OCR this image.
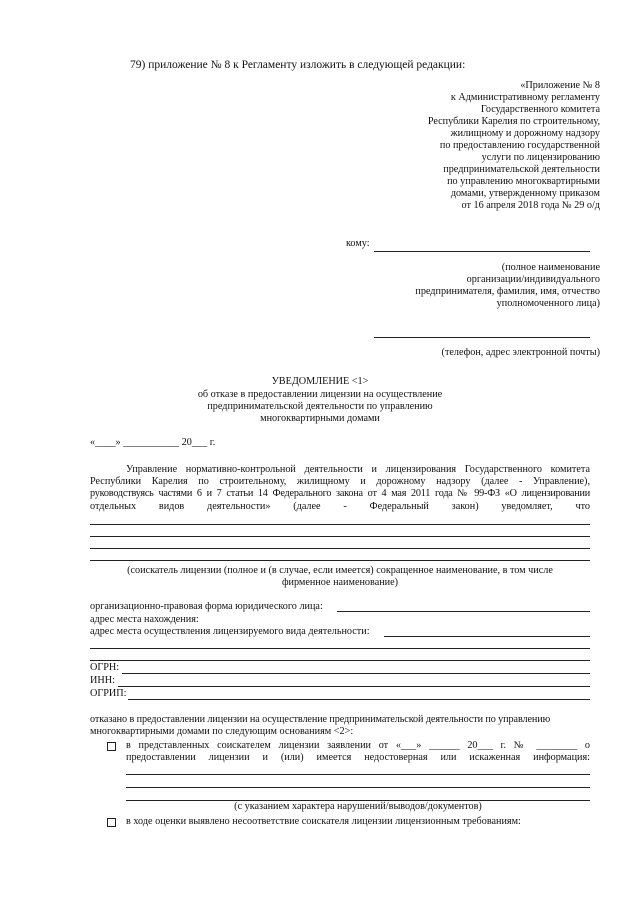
79) приложение № 8 к Регламенту изложить в следующей редакции:
«Приложение № 8
к Административному регламенту
Государственного комитета
Республики Карелия по строительному,
жилищному и дорожному надзору
по предоставлению государственной
услуги по лицензированию
предпринимательской деятельности
по управлению многоквартирными
домами, утвержденному приказом
от 16 апреля 2018 года № 29 о/д
кому:
(полное наименование
организации/индивидуального
предпринимателя, фамилия, имя, отчество
уполномоченного лица)
(телефон, адрес электронной почты)
УВЕДОМЛЕНИЕ <1>
об отказе в предоставлении лицензии на осуществление
предпринимательской деятельности по управлению
многоквартирными домами
«____» ___________ 20___ г.
Управление нормативно-контрольной деятельности и лицензирования Государственного комитета
Республики Карелия по строительному, жилищному и дорожному надзору (далее - Управление),
руководствуясь частями 6 и 7 статьи 14 Федерального закона от 4 мая 2011 года № 99-ФЗ «О лицензировании
отдельных видов деятельности» (далее - Федеральный закон) уведомляет, что
(соискатель лицензии (полное и (в случае, если имеется) сокращенное наименование, в том числе
фирменное наименование)
организационно-правовая форма юридического лица:
адрес места нахождения:
адрес места осуществления лицензируемого вида деятельности:
ОГРН:
ИНН:
ОГРИП:
отказано в предоставлении лицензии на осуществление предпринимательской деятельности по управлению
многоквартирными домами по следующим основаниям <2>:
в представленных соискателем лицензии заявлении от «___» ______ 20___ г. № ________ о
предоставлении лицензии и (или) имеется недостоверная или искаженная информация:
(с указанием характера нарушений/выводов/документов)
в ходе оценки выявлено несоответствие соискателя лицензии лицензионным требованиям:
